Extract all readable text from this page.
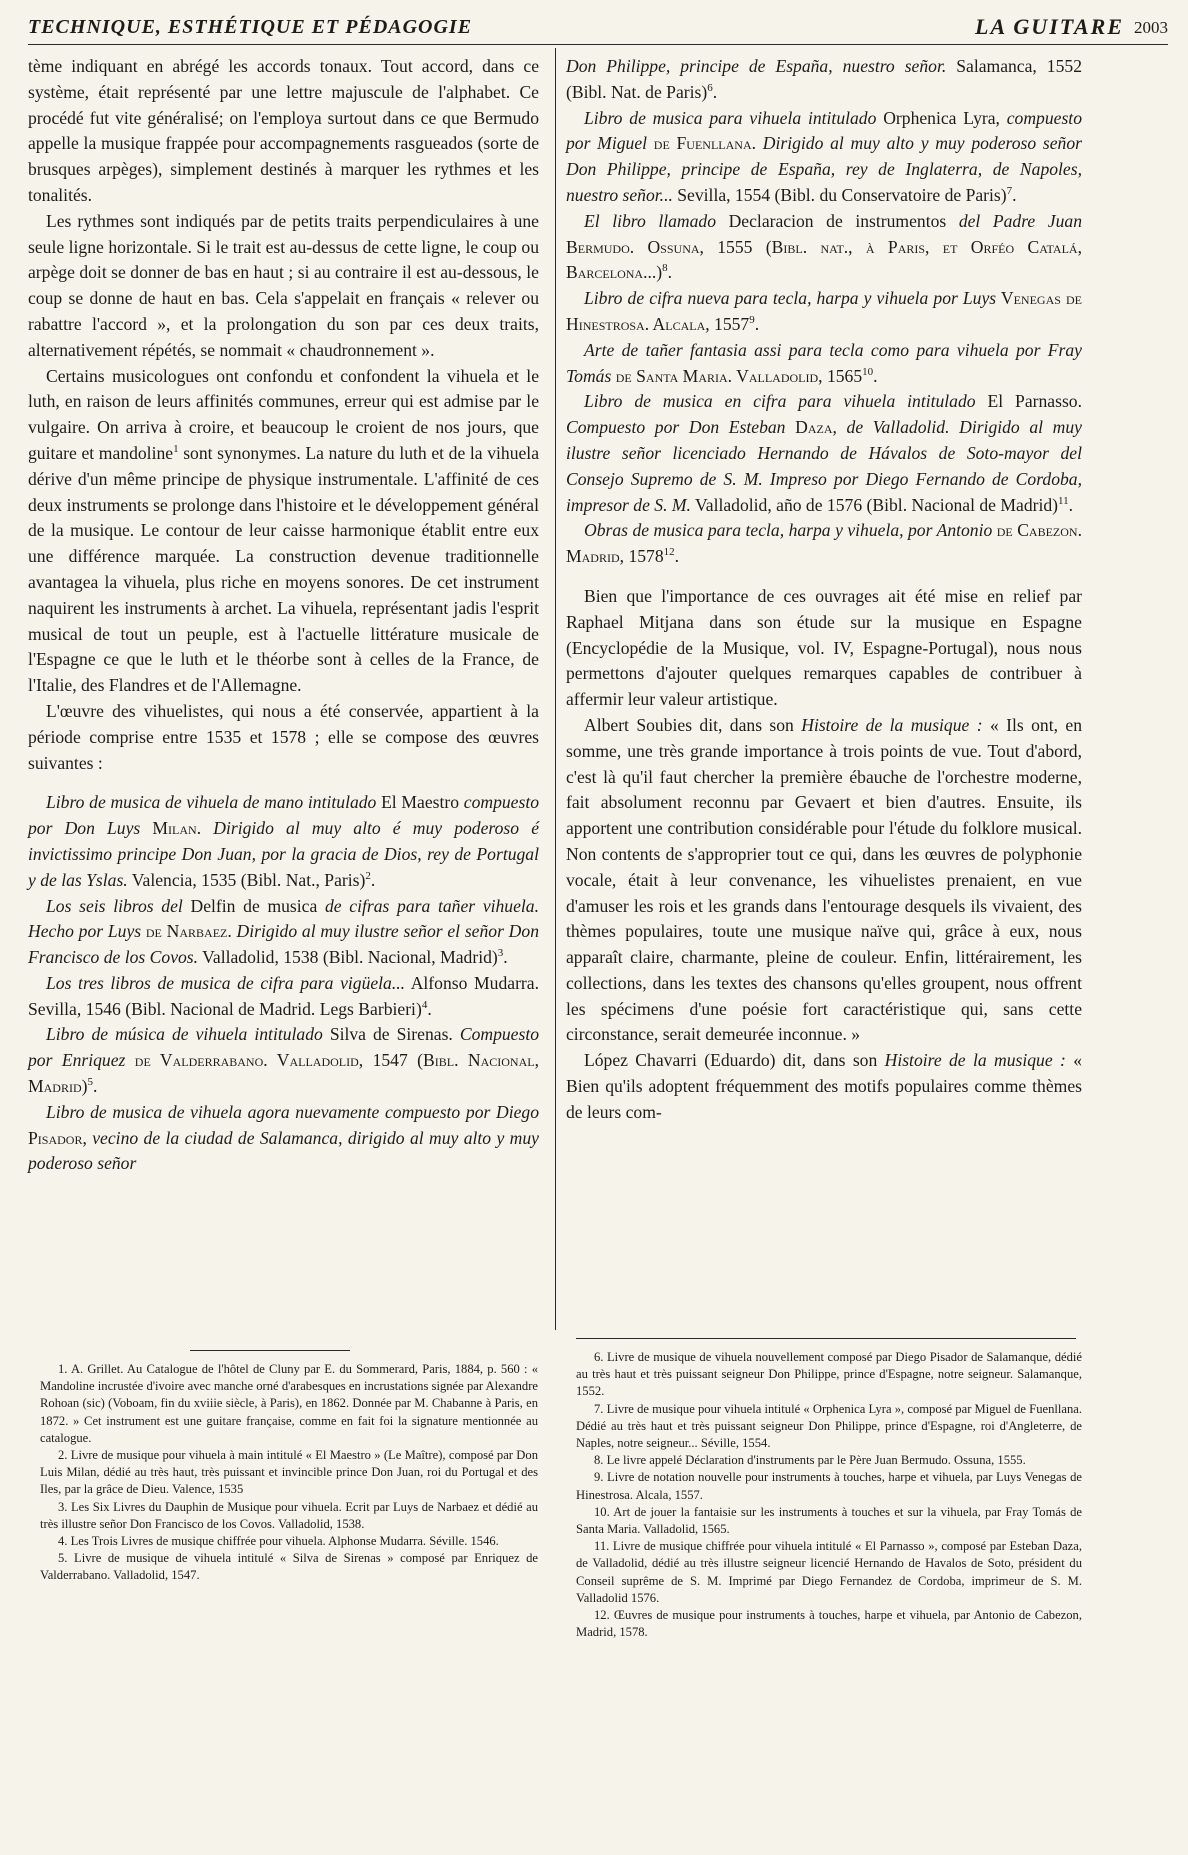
TECHNIQUE, ESTHÉTIQUE ET PÉDAGOGIE	LA GUITARE 2003

tème indiquant en abrégé les accords tonaux. Tout accord, dans ce système, était représenté par une lettre majuscule de l'alphabet. Ce procédé fut vite généralisé; on l'employa surtout dans ce que Bermudo appelle la musique frappée pour accompagnements rasgueados (sorte de brusques arpèges), simplement destinés à marquer les rythmes et les tonalités.

Les rythmes sont indiqués par de petits traits perpendiculaires à une seule ligne horizontale. Si le trait est au-dessus de cette ligne, le coup ou arpège doit se donner de bas en haut ; si au contraire il est au-dessous, le coup se donne de haut en bas. Cela s'appelait en français « relever ou rabattre l'accord », et la prolongation du son par ces deux traits, alternativement répétés, se nommait « chaudronnement ».

Certains musicologues ont confondu et confondent la vihuela et le luth, en raison de leurs affinités communes, erreur qui est admise par le vulgaire. On arriva à croire, et beaucoup le croient de nos jours, que guitare et mandoline$^1$ sont synonymes. La nature du luth et de la vihuela dérive d'un même principe de physique instrumentale. L'affinité de ces deux instruments se prolonge dans l'histoire et le développement général de la musique. Le contour de leur caisse harmonique établit entre eux une différence marquée. La construction devenue traditionnelle avantagea la vihuela, plus riche en moyens sonores. De cet instrument naquirent les instruments à archet. La vihuela, représentant jadis l'esprit musical de tout un peuple, est à l'actuelle littérature musicale de l'Espagne ce que le luth et le théorbe sont à celles de la France, de l'Italie, des Flandres et de l'Allemagne.

L'œuvre des vihuelistes, qui nous a été conservée, appartient à la période comprise entre 1535 et 1578 ; elle se compose des œuvres suivantes :

Libro de musica de vihuela de mano intitulado El Maestro compuesto por Don Luys Milan. Dirigido al muy alto é muy poderoso é invictissimo principe Don Juan, por la gracia de Dios, rey de Portugal y de las Yslas. Valencia, 1535 (Bibl. Nat., Paris)$^2$.

Los seis libros del Delfin de musica de cifras para tañer vihuela. Hecho por Luys de Narbaez. Dirigido al muy ilustre señor el señor Don Francisco de los Covos. Valladolid, 1538 (Bibl. Nacional, Madrid)$^3$.

Los tres libros de musica de cifra para vigüela... Alfonso Mudarra. Sevilla, 1546 (Bibl. Nacional de Madrid. Legs Barbieri)$^4$.

Libro de música de vihuela intitulado Silva de Sirenas. Compuesto por Enriquez de Valderrabano. Valladolid, 1547 (Bibl. Nacional, Madrid)$^5$.

Libro de musica de vihuela agora nuevamente compuesto por Diego Pisador, vecino de la ciudad de Salamanca, dirigido al muy alto y muy poderoso señor

Don Philippe, principe de España, nuestro señor. Salamanca, 1552 (Bibl. Nat. de Paris)$^6$.

Libro de musica para vihuela intitulado Orphenica Lyra, compuesto por Miguel de Fuenllana. Dirigido al muy alto y muy poderoso señor Don Philippe, principe de España, rey de Inglaterra, de Napoles, nuestro señor... Sevilla, 1554 (Bibl. du Conservatoire de Paris)$^7$.

El libro llamado Declaracion de instrumentos del Padre Juan Bermudo. Ossuna, 1555 (Bibl. nat., à Paris, et Orféo Catalá, Barcelona...)$^8$.

Libro de cifra nueva para tecla, harpa y vihuela por Luys Venegas de Hinestrosa. Alcala, 1557$^9$.

Arte de tañer fantasia assi para tecla como para vihuela por Fray Tomás de Santa Maria. Valladolid, 1565$^{10}$.

Libro de musica en cifra para vihuela intitulado El Parnasso. Compuesto por Don Esteban Daza, de Valladolid. Dirigido al muy ilustre señor licenciado Hernando de Hávalos de Soto-mayor del Consejo Supremo de S. M. Impreso por Diego Fernando de Cordoba, impresor de S. M. Valladolid, año de 1576 (Bibl. Nacional de Madrid)$^{11}$.

Obras de musica para tecla, harpa y vihuela, por Antonio de Cabezon. Madrid, 1578$^{12}$.

Bien que l'importance de ces ouvrages ait été mise en relief par Raphael Mitjana dans son étude sur la musique en Espagne (Encyclopédie de la Musique, vol. IV, Espagne-Portugal), nous nous permettons d'ajouter quelques remarques capables de contribuer à affermir leur valeur artistique.

Albert Soubies dit, dans son Histoire de la musique : « Ils ont, en somme, une très grande importance à trois points de vue. Tout d'abord, c'est là qu'il faut chercher la première ébauche de l'orchestre moderne, fait absolument reconnu par Gevaert et bien d'autres. Ensuite, ils apportent une contribution considérable pour l'étude du folklore musical. Non contents de s'approprier tout ce qui, dans les œuvres de polyphonie vocale, était à leur convenance, les vihuelistes prenaient, en vue d'amuser les rois et les grands dans l'entourage desquels ils vivaient, des thèmes populaires, toute une musique naïve qui, grâce à eux, nous apparaît claire, charmante, pleine de couleur. Enfin, littérairement, les collections, dans les textes des chansons qu'elles groupent, nous offrent les spécimens d'une poésie fort caractéristique qui, sans cette circonstance, serait demeurée inconnue. »

López Chavarri (Eduardo) dit, dans son Histoire de la musique : « Bien qu'ils adoptent fréquemment des motifs populaires comme thèmes de leurs com-

1. A. Grillet. Au Catalogue de l'hôtel de Cluny par E. du Sommerard, Paris, 1884, p. 560 : « Mandoline incrustée d'ivoire avec manche orné d'arabesques en incrustations signée par Alexandre Rohoan (sic) (Voboam, fin du xviiie siècle, à Paris), en 1862. Donnée par M. Chabanne à Paris, en 1872. » Cet instrument est une guitare française, comme en fait foi la signature mentionnée au catalogue.

2. Livre de musique pour vihuela à main intitulé « El Maestro » (Le Maître), composé par Don Luis Milan, dédié au très haut, très puissant et invincible prince Don Juan, roi du Portugal et des Iles, par la grâce de Dieu. Valence, 1535

3. Les Six Livres du Dauphin de Musique pour vihuela. Ecrit par Luys de Narbaez et dédié au très illustre señor Don Francisco de los Covos. Valladolid, 1538.

4. Les Trois Livres de musique chiffrée pour vihuela. Alphonse Mudarra. Séville. 1546.

5. Livre de musique de vihuela intitulé « Silva de Sirenas » composé par Enriquez de Valderrabano. Valladolid, 1547.

6. Livre de musique de vihuela nouvellement composé par Diego Pisador de Salamanque, dédié au très haut et très puissant seigneur Don Philippe, prince d'Espagne, notre seigneur. Salamanque, 1552.

7. Livre de musique pour vihuela intitulé « Orphenica Lyra », composé par Miguel de Fuenllana. Dédié au très haut et très puissant seigneur Don Philippe, prince d'Espagne, roi d'Angleterre, de Naples, notre seigneur... Séville, 1554.

8. Le livre appelé Déclaration d'instruments par le Père Juan Bermudo. Ossuna, 1555.

9. Livre de notation nouvelle pour instruments à touches, harpe et vihuela, par Luys Venegas de Hinestrosa. Alcala, 1557.

10. Art de jouer la fantaisie sur les instruments à touches et sur la vihuela, par Fray Tomás de Santa Maria. Valladolid, 1565.

11. Livre de musique chiffrée pour vihuela intitulé « El Parnasso », composé par Esteban Daza, de Valladolid, dédié au très illustre seigneur licencié Hernando de Havalos de Soto, président du Conseil suprême de S. M. Imprimé par Diego Fernandez de Cordoba, imprimeur de S. M. Valladolid 1576.

12. Œuvres de musique pour instruments à touches, harpe et vihuela, par Antonio de Cabezon, Madrid, 1578.
